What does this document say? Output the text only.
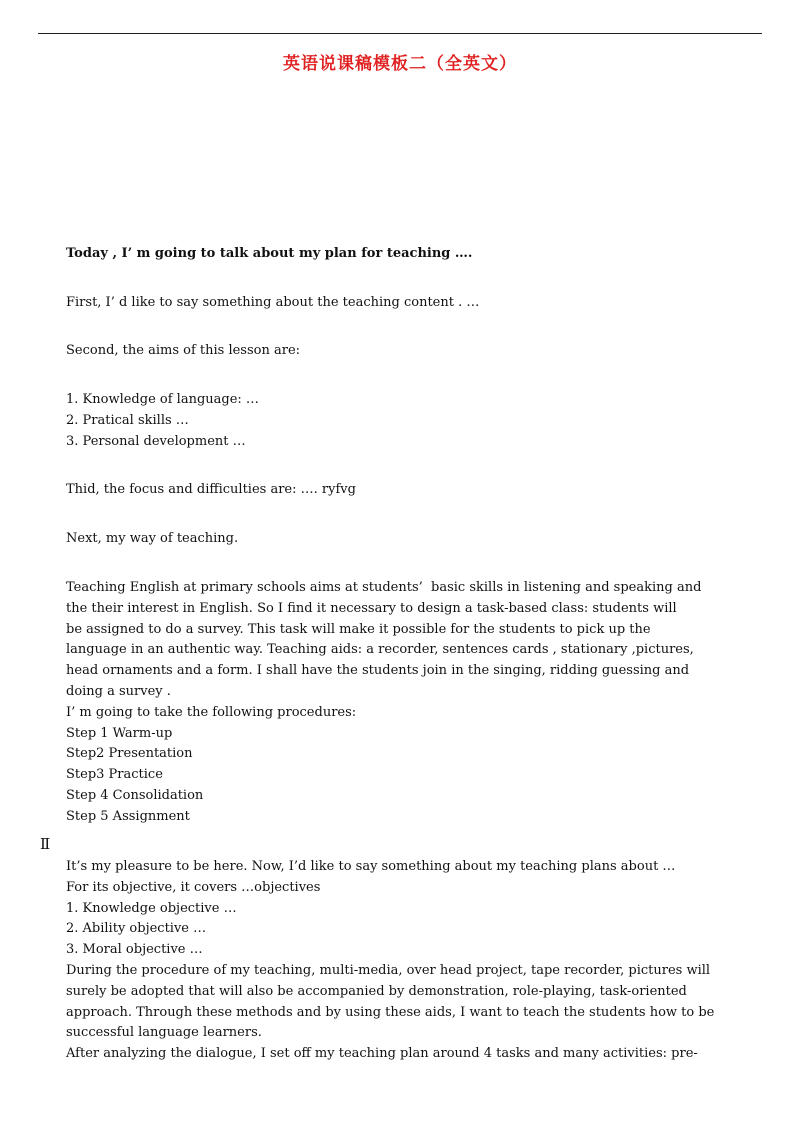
英语说课稿模板二（全英文）
Today , I’ m going to talk about my plan for teaching ….
First, I’ d like to say something about the teaching content . …
Second, the aims of this lesson are:
1. Knowledge of language: …
2. Pratical skills …
3. Personal development …
Thid, the focus and difficulties are: …. ryfvg
Next, my way of teaching.
Teaching English at primary schools aims at students’  basic skills in listening and speaking and
the their interest in English. So I find it necessary to design a task-based class: students will
be assigned to do a survey. This task will make it possible for the students to pick up the
language in an authentic way. Teaching aids: a recorder, sentences cards , stationary ,pictures,
head ornaments and a form. I shall have the students join in the singing, ridding guessing and
doing a survey .
I’ m going to take the following procedures:
Step 1 Warm-up
Step2 Presentation
Step3 Practice
Step 4 Consolidation
Step 5 Assignment
Ⅱ
It’s my pleasure to be here. Now, I’d like to say something about my teaching plans about …
For its objective, it covers …objectives
1. Knowledge objective …
2. Ability objective …
3. Moral objective …
During the procedure of my teaching, multi-media, over head project, tape recorder, pictures will
surely be adopted that will also be accompanied by demonstration, role-playing, task-oriented
approach. Through these methods and by using these aids, I want to teach the students how to be
successful language learners.
After analyzing the dialogue, I set off my teaching plan around 4 tasks and many activities: pre-
